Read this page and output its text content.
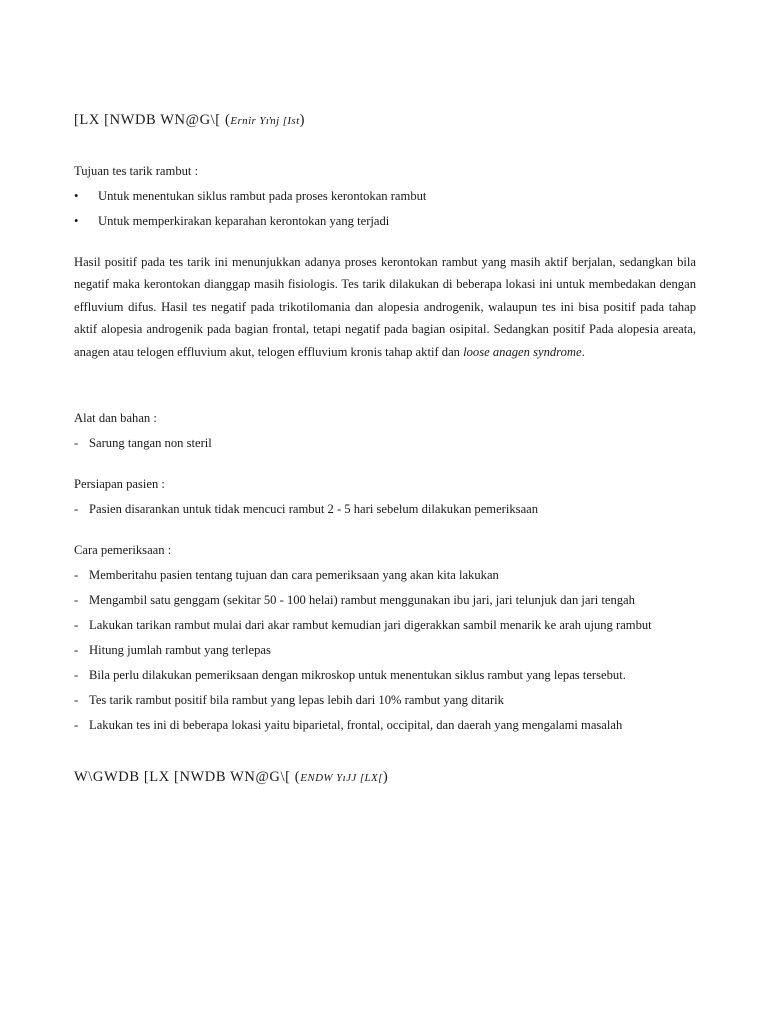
[LX [NWDB WN@G\[ (Ernir Yıŉj [Ist)
Tujuan tes tarik rambut :
•	Untuk menentukan siklus rambut pada proses kerontokan rambut
•	Untuk memperkirakan keparahan kerontokan yang terjadi
Hasil positif pada tes tarik ini menunjukkan adanya proses kerontokan rambut yang masih aktif berjalan, sedangkan bila negatif maka kerontokan dianggap masih fisiologis. Tes tarik dilakukan di beberapa lokasi ini untuk membedakan dengan effluvium difus. Hasil tes negatif pada trikotilomania dan alopesia androgenik, walaupun tes ini bisa positif pada tahap aktif alopesia androgenik pada bagian frontal, tetapi negatif pada bagian osipital. Sedangkan positif Pada alopesia areata, anagen atau telogen effluvium akut, telogen effluvium kronis tahap aktif dan loose anagen syndrome.
Alat dan bahan :
- Sarung tangan non steril
Persiapan pasien :
- Pasien disarankan untuk tidak mencuci rambut 2 - 5 hari sebelum dilakukan pemeriksaan
Cara pemeriksaan :
- Memberitahu pasien tentang tujuan dan cara pemeriksaan yang akan kita lakukan
- Mengambil satu genggam (sekitar 50 - 100 helai) rambut menggunakan ibu jari, jari telunjuk dan jari tengah
- Lakukan tarikan rambut mulai dari akar rambut kemudian jari digerakkan sambil menarik ke arah ujung rambut
- Hitung jumlah rambut yang terlepas
- Bila perlu dilakukan pemeriksaan dengan mikroskop untuk menentukan siklus rambut yang lepas tersebut.
- Tes tarik rambut positif bila rambut yang lepas lebih dari 10% rambut yang ditarik
- Lakukan tes ini di beberapa lokasi yaitu biparietal, frontal, occipital, dan daerah yang mengalami masalah
W\GWDB [LX [NWDB WN@G\[ (ENDW YıJJ [LX[)
